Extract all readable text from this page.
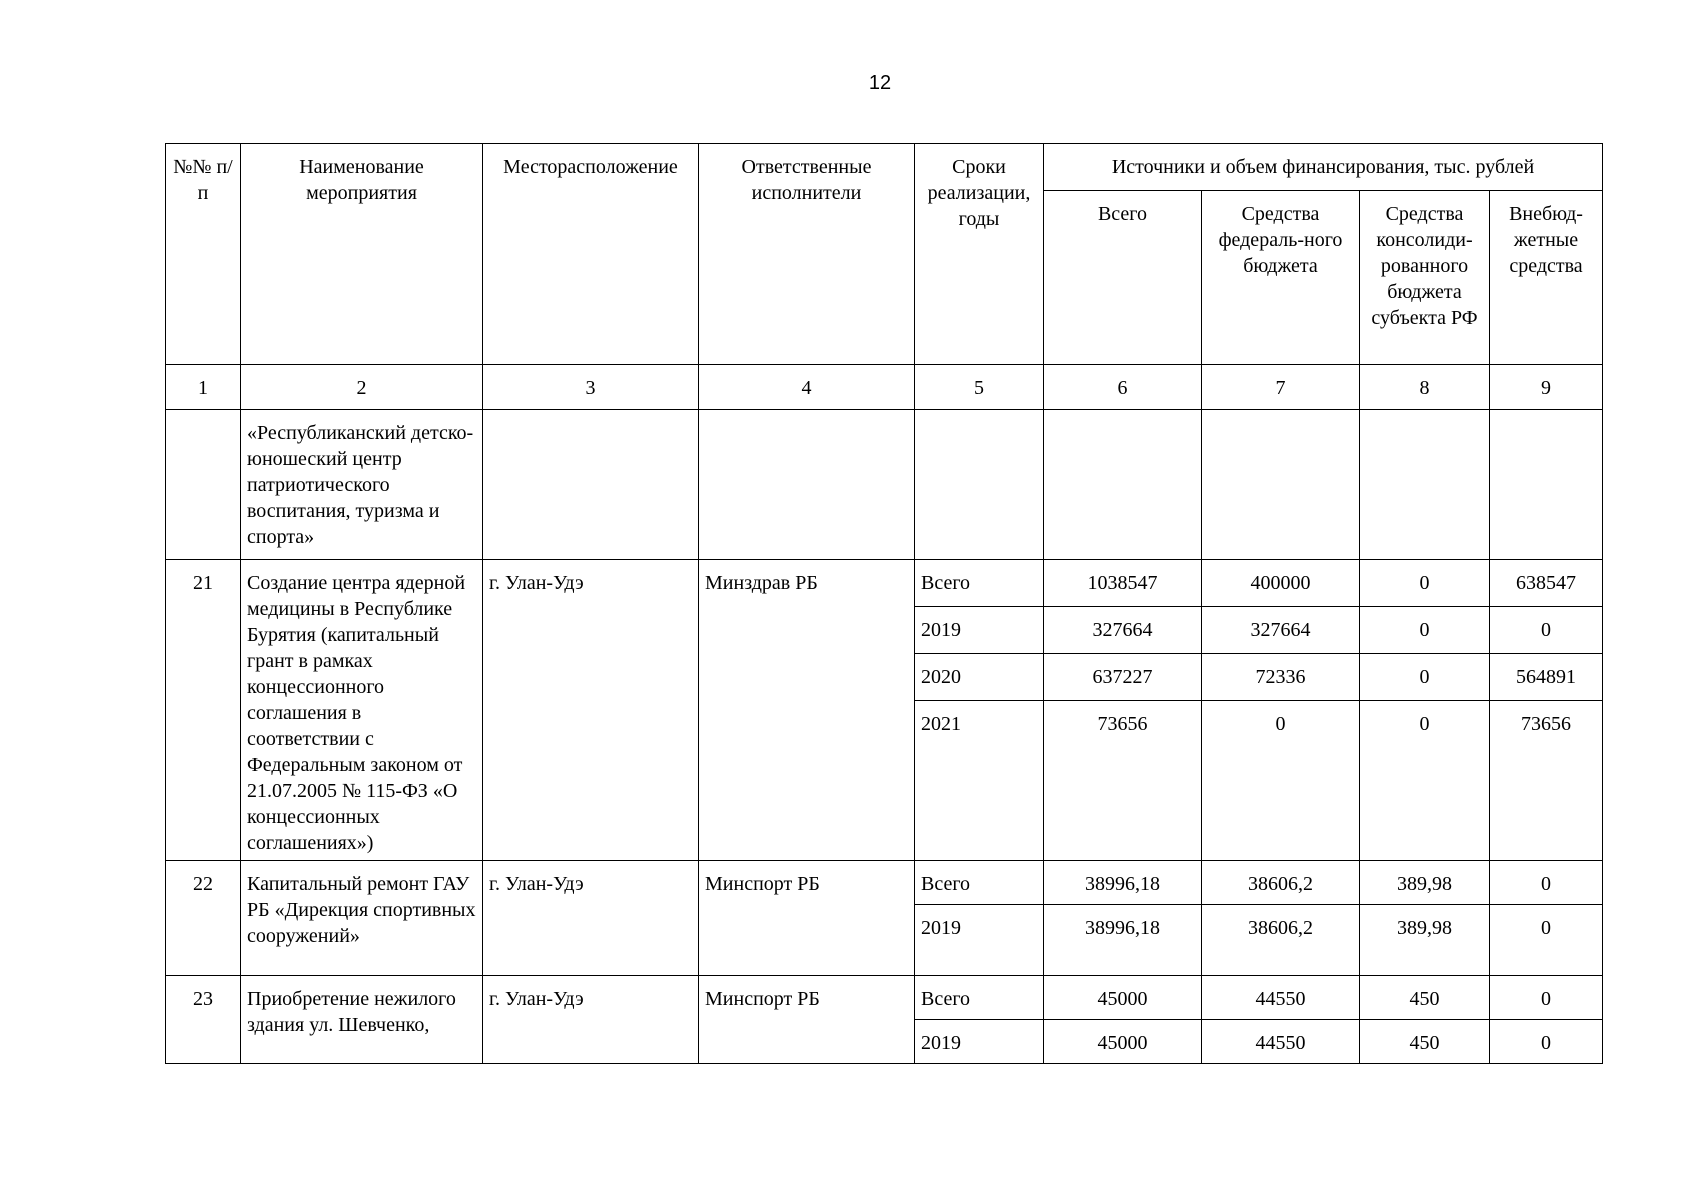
12
№№ п/п	Наименование мероприятия	Месторасположение	Ответственные исполнители	Сроки реализации, годы	Источники и объем финансирования, тыс. рублей			
					Всего	Средства федераль-ного бюджета	Средства консолиди-рованного бюджета субъекта РФ	Внебюд-жетные средства
1	2	3	4	5	6	7	8	9
	«Республиканский детско-юношеский центр патриотического воспитания, туризма и спорта»							
21	Создание центра ядерной медицины в Республике Бурятия (капитальный грант в рамках концессионного соглашения в соответствии с Федеральным законом от 21.07.2005 № 115-ФЗ «О концессионных соглашениях»)	г. Улан-Удэ	Минздрав РБ	Всего	1038547	400000	0	638547
				2019	327664	327664	0	0
				2020	637227	72336	0	564891
				2021	73656	0	0	73656
22	Капитальный ремонт ГАУ РБ «Дирекция спортивных сооружений»	г. Улан-Удэ	Минспорт РБ	Всего	38996,18	38606,2	389,98	0
				2019	38996,18	38606,2	389,98	0
23	Приобретение нежилого здания ул. Шевченко,	г. Улан-Удэ	Минспорт РБ	Всего	45000	44550	450	0
				2019	45000	44550	450	0
